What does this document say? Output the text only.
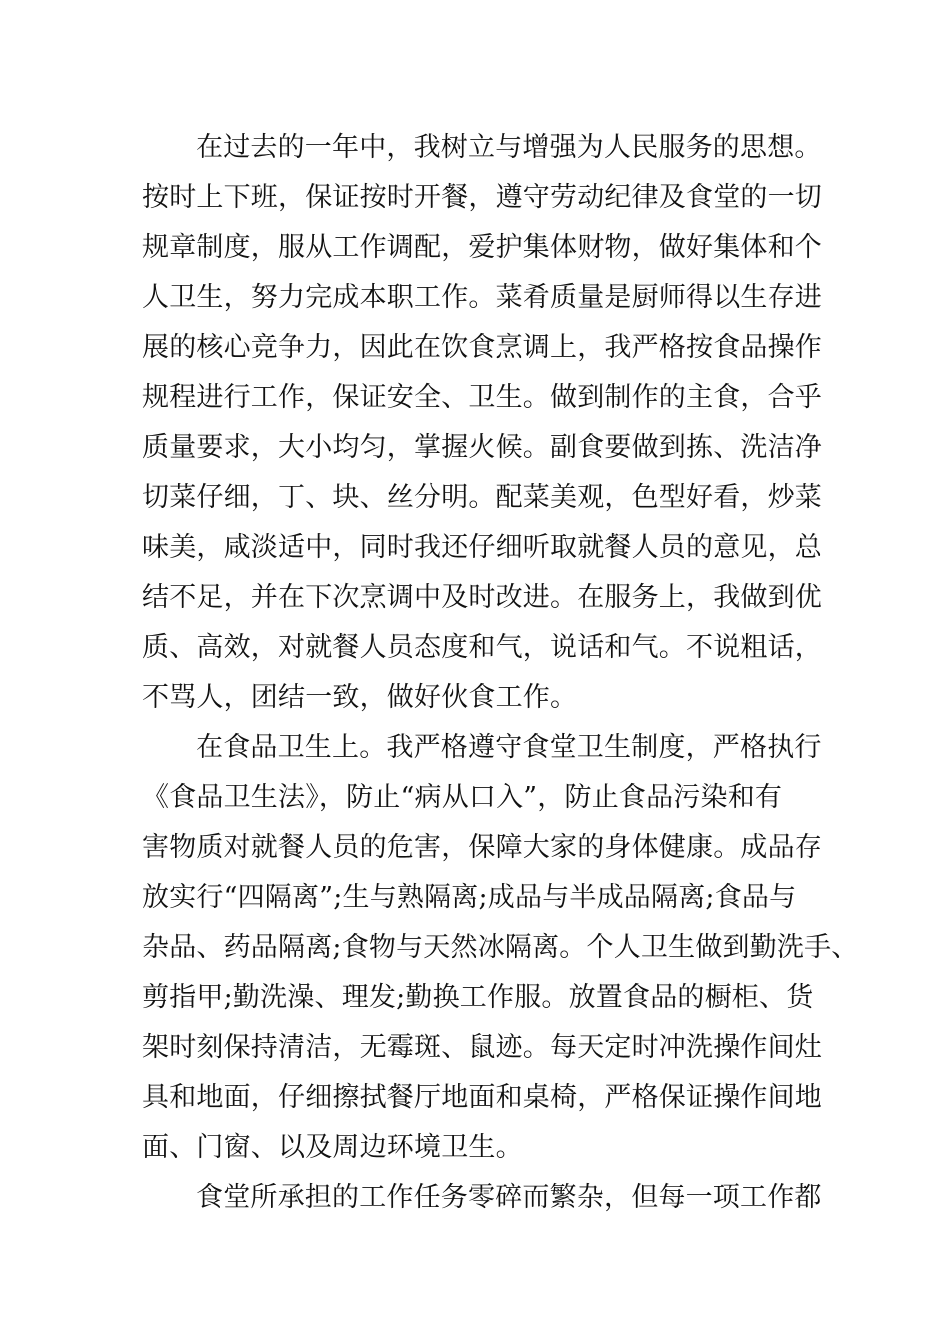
在过去的一年中，我树立与增强为人民服务的思想。
按时上下班，保证按时开餐，遵守劳动纪律及食堂的一切
规章制度，服从工作调配，爱护集体财物，做好集体和个
人卫生，努力完成本职工作。菜肴质量是厨师得以生存进
展的核心竞争力，因此在饮食烹调上，我严格按食品操作
规程进行工作，保证安全、卫生。做到制作的主食，合乎
质量要求，大小均匀，掌握火候。副食要做到拣、洗洁净
切菜仔细，丁、块、丝分明。配菜美观，色型好看，炒菜
味美，咸淡适中，同时我还仔细听取就餐人员的意见，总
结不足，并在下次烹调中及时改进。在服务上，我做到优
质、高效，对就餐人员态度和气，说话和气。不说粗话，
不骂人，团结一致，做好伙食工作。
在食品卫生上。我严格遵守食堂卫生制度，严格执行
《食品卫生法》，防止“病从口入”，防止食品污染和有
害物质对就餐人员的危害，保障大家的身体健康。成品存
放实行“四隔离”;生与熟隔离;成品与半成品隔离;食品与
杂品、药品隔离;食物与天然冰隔离。个人卫生做到勤洗手、
剪指甲;勤洗澡、理发;勤换工作服。放置食品的橱柜、货
架时刻保持清洁，无霉斑、鼠迹。每天定时冲洗操作间灶
具和地面，仔细擦拭餐厅地面和桌椅，严格保证操作间地
面、门窗、以及周边环境卫生。
食堂所承担的工作任务零碎而繁杂，但每一项工作都
